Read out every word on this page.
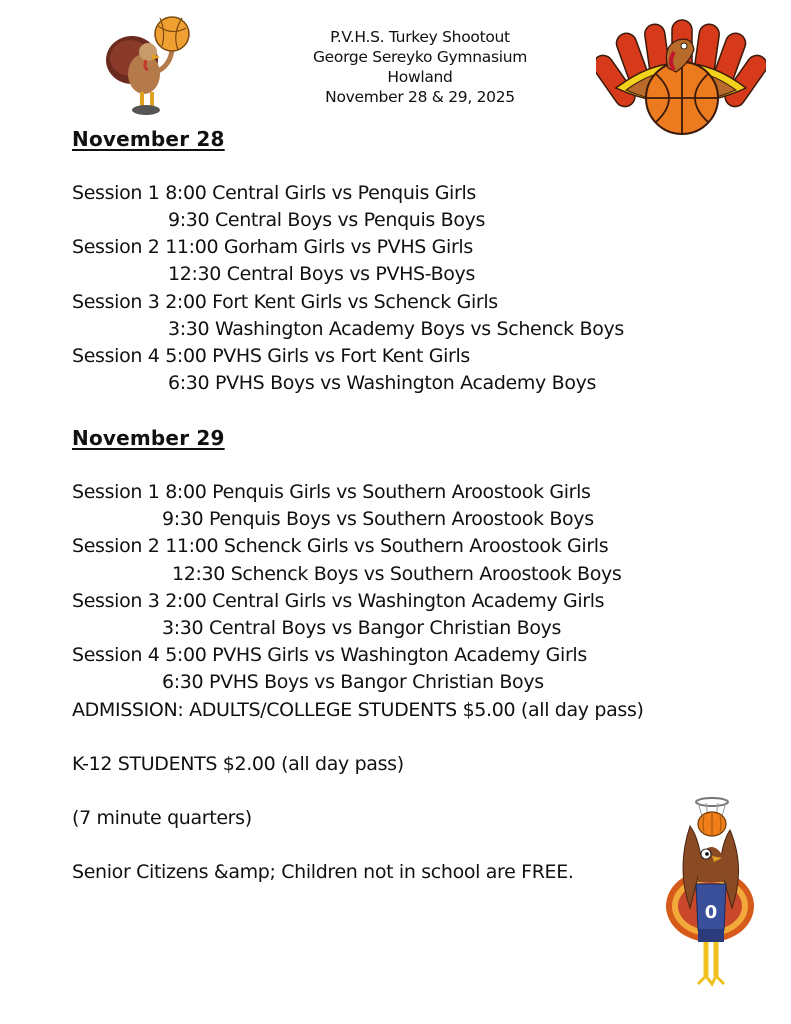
P.V.H.S. Turkey Shootout
George Sereyko Gymnasium
Howland
November 28 & 29, 2025
November 28
Session 1 8:00 Central Girls vs Penquis Girls
9:30 Central Boys vs Penquis Boys
Session 2 11:00 Gorham Girls vs PVHS Girls
12:30 Central Boys vs PVHS-Boys
Session 3 2:00 Fort Kent Girls vs Schenck Girls
3:30 Washington Academy Boys vs Schenck Boys
Session 4 5:00 PVHS Girls vs Fort Kent Girls
6:30 PVHS Boys vs Washington Academy Boys
November 29
Session 1 8:00 Penquis Girls vs Southern Aroostook Girls
9:30 Penquis Boys vs Southern Aroostook Boys
Session 2 11:00 Schenck Girls vs Southern Aroostook Girls
12:30 Schenck Boys vs Southern Aroostook Boys
Session 3 2:00 Central Girls vs Washington Academy Girls
3:30 Central Boys vs Bangor Christian Boys
Session 4 5:00 PVHS Girls vs Washington Academy Girls
6:30 PVHS Boys vs Bangor Christian Boys
ADMISSION: ADULTS/COLLEGE STUDENTS $5.00 (all day pass)
K-12 STUDENTS $2.00 (all day pass)
(7 minute quarters)
Senior Citizens &amp; Children not in school are FREE.
0
